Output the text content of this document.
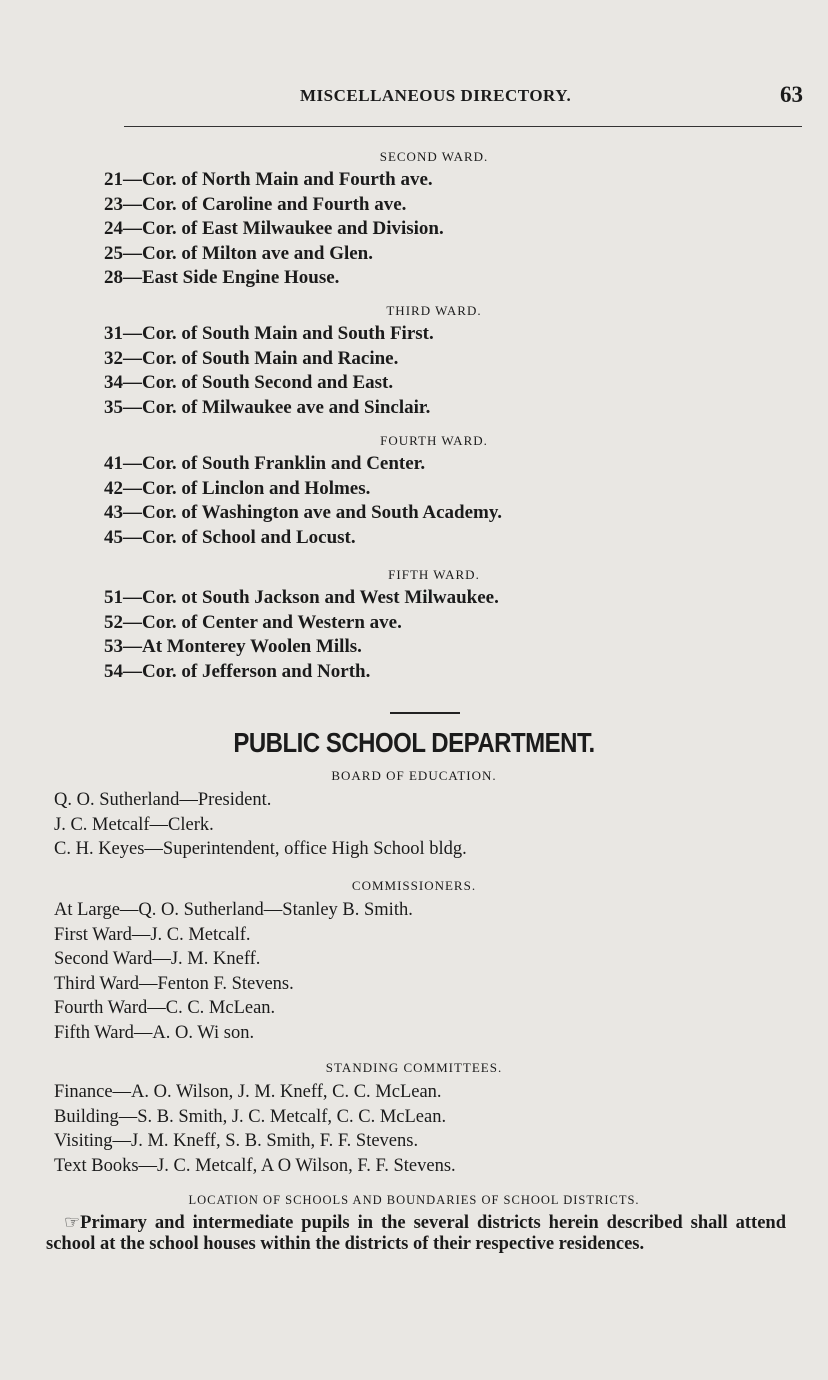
MISCELLANEOUS DIRECTORY.	63
SECOND WARD.
21—Cor. of North Main and Fourth ave.
23—Cor. of Caroline and Fourth ave.
24—Cor. of East Milwaukee and Division.
25—Cor. of Milton ave and Glen.
28—East Side Engine House.
THIRD WARD.
31—Cor. of South Main and South First.
32—Cor. of South Main and Racine.
34—Cor. of South Second and East.
35—Cor. of Milwaukee ave and Sinclair.
FOURTH WARD.
41—Cor. of South Franklin and Center.
42—Cor. of Linclon and Holmes.
43—Cor. of Washington ave and South Academy.
45—Cor. of School and Locust.
FIFTH WARD.
51—Cor. ot South Jackson and West Milwaukee.
52—Cor. of Center and Western ave.
53—At Monterey Woolen Mills.
54—Cor. of Jefferson and North.
PUBLIC SCHOOL DEPARTMENT.
BOARD OF EDUCATION.
Q. O. Sutherland—President.
J. C. Metcalf—Clerk.
C. H. Keyes—Superintendent, office High School bldg.
COMMISSIONERS.
At Large—Q. O. Sutherland—Stanley B. Smith.
First Ward—J. C. Metcalf.
Second Ward—J. M. Kneff.
Third Ward—Fenton F. Stevens.
Fourth Ward—C. C. McLean.
Fifth Ward—A. O. Wi son.
STANDING COMMITTEES.
Finance—A. O. Wilson, J. M. Kneff, C. C. McLean.
Building—S. B. Smith, J. C. Metcalf, C. C. McLean.
Visiting—J. M. Kneff, S. B. Smith, F. F. Stevens.
Text Books—J. C. Metcalf, A O Wilson, F. F. Stevens.
LOCATION OF SCHOOLS AND BOUNDARIES OF SCHOOL DISTRICTS.
☞Primary and intermediate pupils in the several districts herein described shall attend school at the school houses within the districts of their respective residences.
